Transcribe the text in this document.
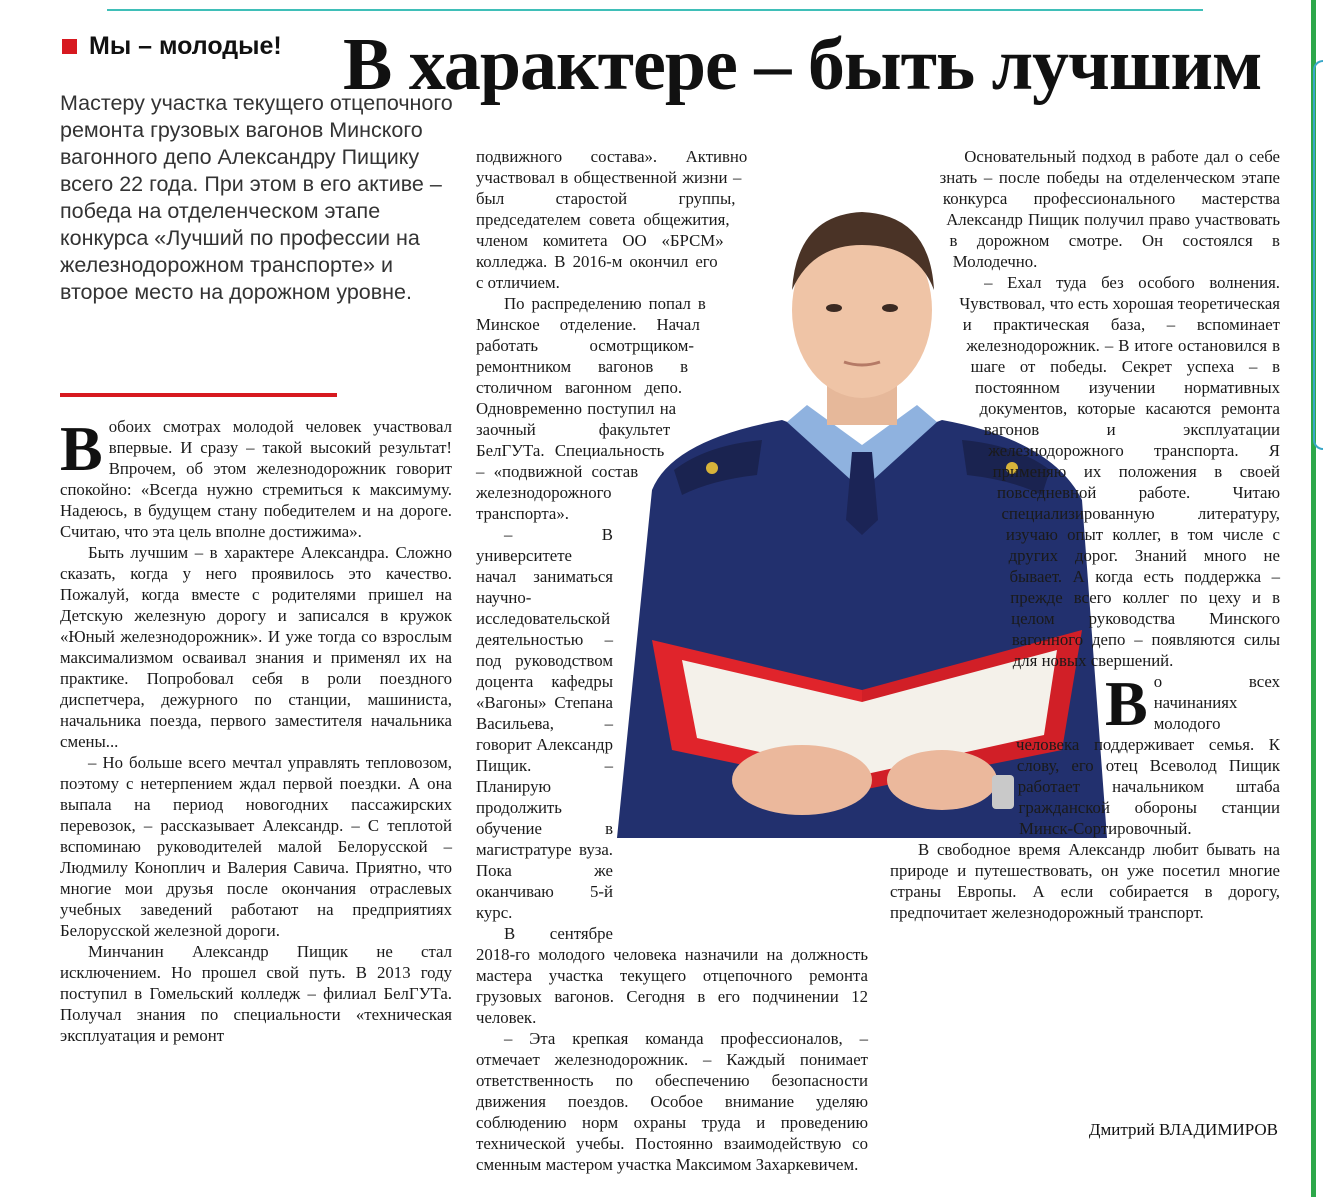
Мы – молодые! В характере – быть лучшим
Мастеру участка текущего отцепочного ремонта грузовых вагонов Минского вагонного депо Александру Пищику всего 22 года. При этом в его активе – победа на отделенческом этапе конкурса «Лучший по профессии на железнодорожном транспорте» и второе место на дорожном уровне.

Вобоих смотрах молодой человек участвовал впервые. И сразу – такой высокий результат! Впрочем, об этом железнодорожник говорит спокойно: «Всегда нужно стремиться к максимуму. Надеюсь, в будущем стану победителем и на дороге. Считаю, что эта цель вполне достижима».

Быть лучшим – в характере Александра. Сложно сказать, когда у него проявилось это качество. Пожалуй, когда вместе с родителями пришел на Детскую железную дорогу и записался в кружок «Юный железнодорожник». И уже тогда со взрослым максимализмом осваивал знания и применял их на практике. Попробовал себя в роли поездного диспетчера, дежурного по станции, машиниста, начальника поезда, первого заместителя начальника смены...

– Но больше всего мечтал управлять тепловозом, поэтому с нетерпением ждал первой поездки. А она выпала на период новогодних пассажирских перевозок, – рассказывает Александр. – С теплотой вспоминаю руководителей малой Белорусской – Людмилу Коноплич и Валерия Савича. Приятно, что многие мои друзья после окончания отраслевых учебных заведений работают на предприятиях Белорусской железной дороги.

Минчанин Александр Пищик не стал исключением. Но прошел свой путь. В 2013 году поступил в Гомельский колледж – филиал БелГУТа. Получал знания по специальности «техническая эксплуатация и ремонт

подвижного состава». Активно участвовал в общественной жизни – был старостой группы, председателем совета общежития, членом комитета ОО «БРСМ» колледжа. В 2016-м окончил его с отличием.

По распределению попал в Минское отделение. Начал работать осмотрщиком-ремонтником вагонов в столичном вагонном депо. Одновременно поступил на заочный факультет БелГУТа. Специальность – «подвижной состав железнодорожного транспорта».

– В университете начал заниматься научно-исследовательской деятельностью – под руководством доцента кафедры «Вагоны» Степана Васильева, – говорит Александр Пищик. – Планирую продолжить обучение в магистратуре вуза. Пока же оканчиваю 5-й курс.

В сентябре 2018-го молодого человека назначили на должность мастера участка текущего отцепочного ремонта грузовых вагонов. Сегодня в его подчинении 12 человек.

– Эта крепкая команда профессионалов, – отмечает железнодорожник. – Каждый понимает ответственность по обеспечению безопасности движения поездов. Особое внимание уделяю соблюдению норм охраны труда и проведению технической учебы. Постоянно взаимодействую со сменным мастером участка Максимом Захаркевичем.

Основательный подход в работе дал о себе знать – после победы на отделенческом этапе конкурса профессионального мастерства Александр Пищик получил право участвовать в дорожном смотре. Он состоялся в Молодечно.

– Ехал туда без особого волнения. Чувствовал, что есть хорошая теоретическая и практическая база, – вспоминает железнодорожник. – В итоге остановился в шаге от победы. Секрет успеха – в постоянном изучении нормативных документов, которые касаются ремонта вагонов и эксплуатации железнодорожного транспорта. Я применяю их положения в своей повседневной работе. Читаю специализированную литературу, изучаю опыт коллег, в том числе с других дорог. Знаний много не бывает. А когда есть поддержка – прежде всего коллег по цеху и в целом руководства Минского вагонного депо – появляются силы для новых свершений.

Во всех начинаниях молодого человека поддерживает семья. К слову, его отец Всеволод Пищик работает начальником штаба гражданской обороны станции Минск-Сортировочный.

В свободное время Александр любит бывать на природе и путешествовать, он уже посетил многие страны Европы. А если собирается в дорогу, предпочитает железнодорожный транспорт.

Дмитрий ВЛАДИМИРОВ
